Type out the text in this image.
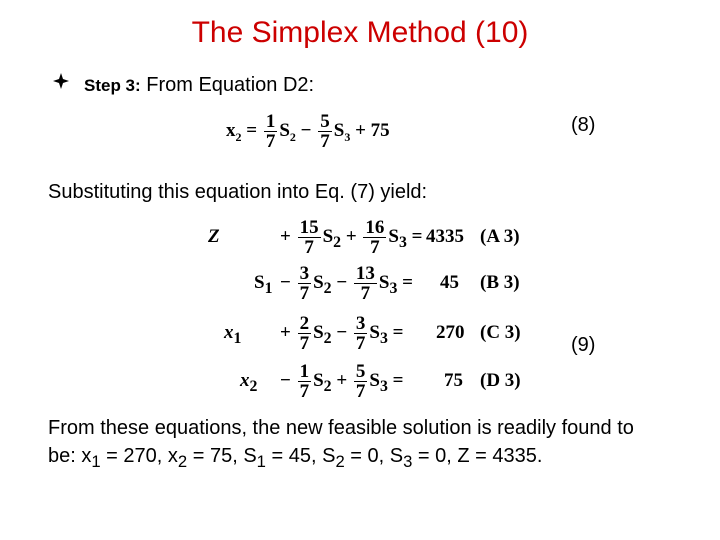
The Simplex Method (10)
Step 3: From Equation D2:
$x_2 = \frac{1}{7} S_2 - \frac{5}{7} S_3 + 75$	(8)
Substituting this equation into Eq. (7) yield:
Z	+ $\frac{15}{7} S_2 + \frac{16}{7} S_3 = 4335$ (A 3)
$S_1 - \frac{3}{7} S_2 - \frac{13}{7} S_3 = 45$ (B 3)
$x_1 + \frac{2}{7} S_2 - \frac{3}{7} S_3 = 270$ (C 3)
$x_2 - \frac{1}{7} S_2 + \frac{5}{7} S_3 = 75$ (D 3)
(9)
From these equations, the new feasible solution is readily found to
be: $x_1 = 270$, $x_2 = 75$, $S_1 = 45$, $S_2 = 0$, $S_3 = 0$, Z = 4335.
